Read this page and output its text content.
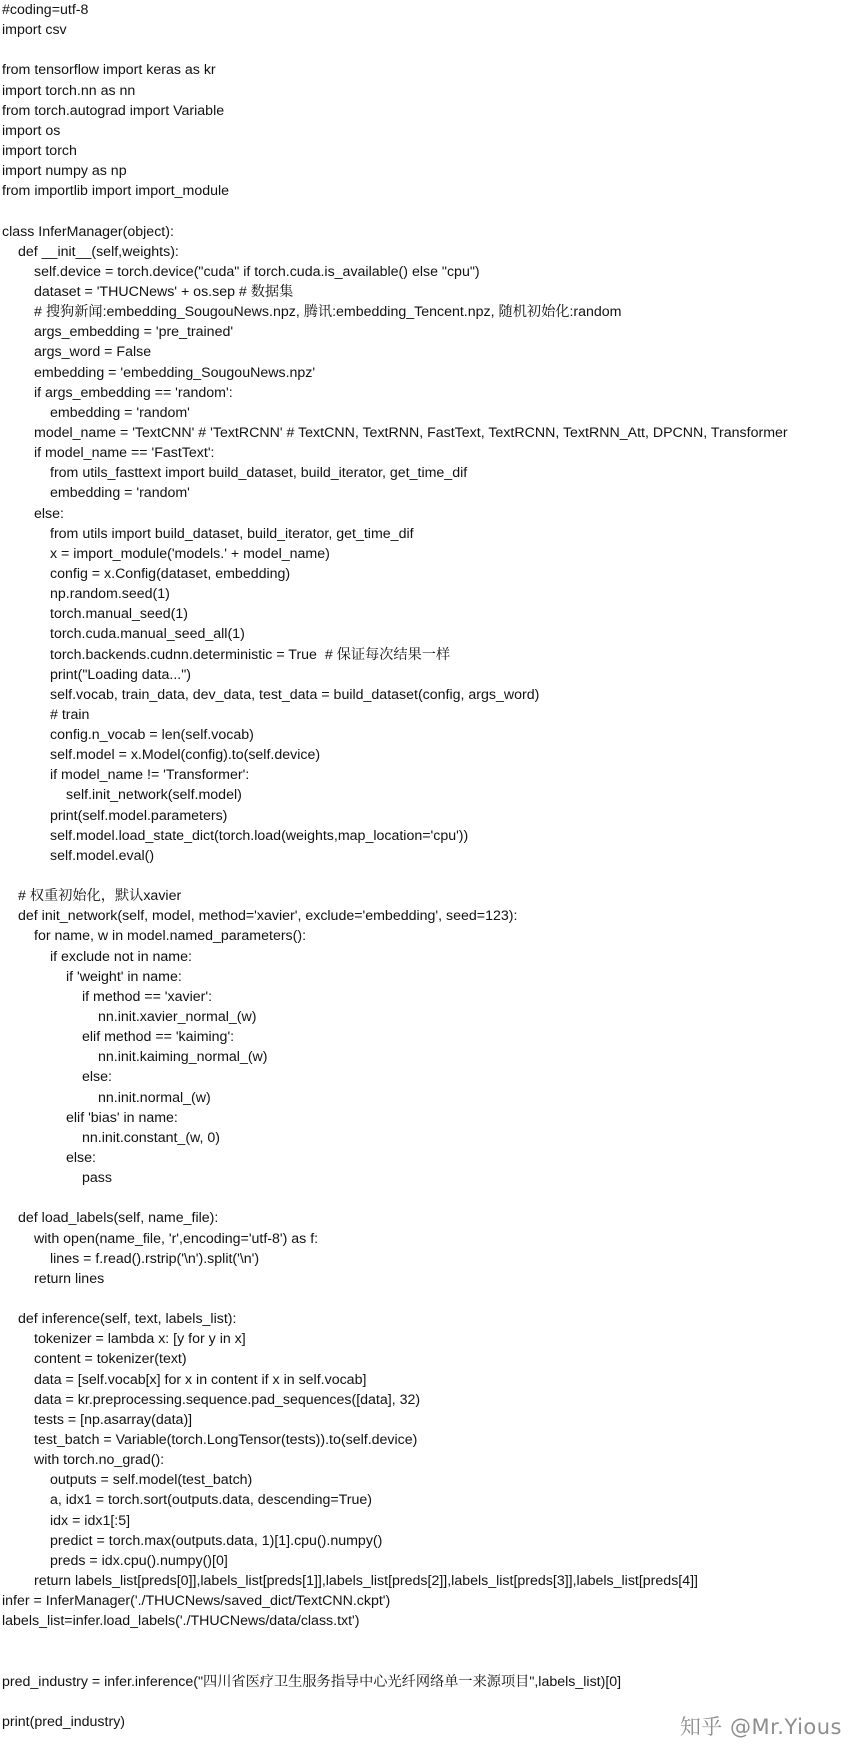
#coding=utf-8
import csv
from tensorflow import keras as kr
import torch.nn as nn
from torch.autograd import Variable
import os
import torch
import numpy as np
from importlib import import_module
class InferManager(object):
def __init__(self,weights):
self.device = torch.device("cuda" if torch.cuda.is_available() else "cpu")
dataset = 'THUCNews' + os.sep # 数据集
# 搜狗新闻:embedding_SougouNews.npz, 腾讯:embedding_Tencent.npz, 随机初始化:random
args_embedding = 'pre_trained'
args_word = False
embedding = 'embedding_SougouNews.npz'
if args_embedding == 'random':
embedding = 'random'
model_name = 'TextCNN' # 'TextRCNN' # TextCNN, TextRNN, FastText, TextRCNN, TextRNN_Att, DPCNN, Transformer
if model_name == 'FastText':
from utils_fasttext import build_dataset, build_iterator, get_time_dif
embedding = 'random'
else:
from utils import build_dataset, build_iterator, get_time_dif
x = import_module('models.' + model_name)
config = x.Config(dataset, embedding)
np.random.seed(1)
torch.manual_seed(1)
torch.cuda.manual_seed_all(1)
torch.backends.cudnn.deterministic = True  # 保证每次结果一样
print("Loading data...")
self.vocab, train_data, dev_data, test_data = build_dataset(config, args_word)
# train
config.n_vocab = len(self.vocab)
self.model = x.Model(config).to(self.device)
if model_name != 'Transformer':
self.init_network(self.model)
print(self.model.parameters)
self.model.load_state_dict(torch.load(weights,map_location='cpu'))
self.model.eval()
# 权重初始化，默认xavier
def init_network(self, model, method='xavier', exclude='embedding', seed=123):
for name, w in model.named_parameters():
if exclude not in name:
if 'weight' in name:
if method == 'xavier':
nn.init.xavier_normal_(w)
elif method == 'kaiming':
nn.init.kaiming_normal_(w)
else:
nn.init.normal_(w)
elif 'bias' in name:
nn.init.constant_(w, 0)
else:
pass
def load_labels(self, name_file):
with open(name_file, 'r',encoding='utf-8') as f:
lines = f.read().rstrip('\n').split('\n')
return lines
def inference(self, text, labels_list):
tokenizer = lambda x: [y for y in x]
content = tokenizer(text)
data = [self.vocab[x] for x in content if x in self.vocab]
data = kr.preprocessing.sequence.pad_sequences([data], 32)
tests = [np.asarray(data)]
test_batch = Variable(torch.LongTensor(tests)).to(self.device)
with torch.no_grad():
outputs = self.model(test_batch)
a, idx1 = torch.sort(outputs.data, descending=True)
idx = idx1[:5]
predict = torch.max(outputs.data, 1)[1].cpu().numpy()
preds = idx.cpu().numpy()[0]
return labels_list[preds[0]],labels_list[preds[1]],labels_list[preds[2]],labels_list[preds[3]],labels_list[preds[4]]
infer = InferManager('./THUCNews/saved_dict/TextCNN.ckpt')
labels_list=infer.load_labels('./THUCNews/data/class.txt')
pred_industry = infer.inference("四川省医疗卫生服务指导中心光纤网络单一来源项目",labels_list)[0]
print(pred_industry)	知乎 @Mr.Yious
